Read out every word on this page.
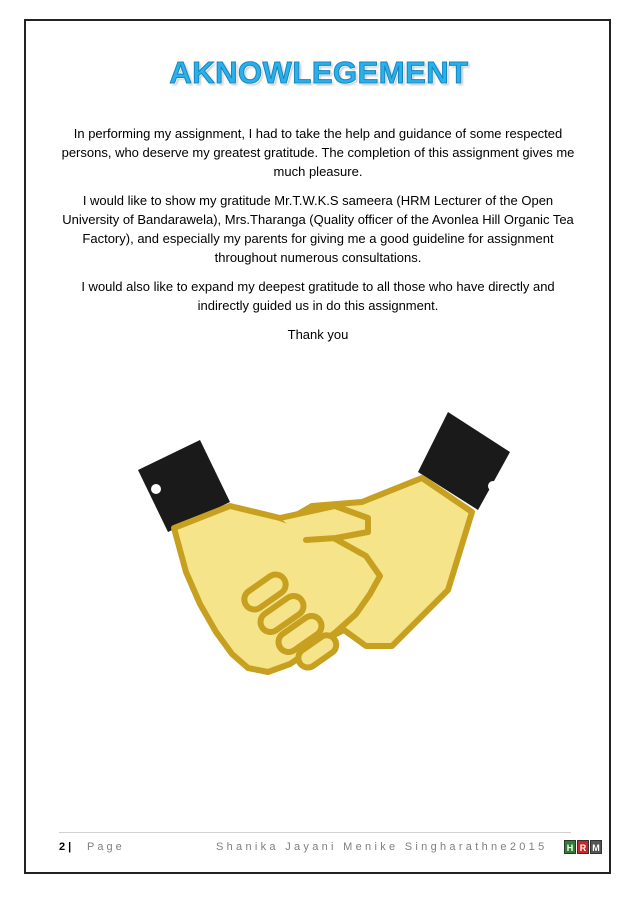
AKNOWLEGEMENT

In performing my assignment, I had to take the help and guidance of some respected persons, who deserve my greatest gratitude. The completion of this assignment gives me much pleasure.

I would like to show my gratitude Mr.T.W.K.S sameera (HRM Lecturer of the Open University of Bandarawela), Mrs.Tharanga (Quality officer of the Avonlea Hill Organic Tea Factory), and especially my parents for giving me a good guideline for assignment throughout numerous consultations.

I would also like to expand my deepest gratitude to all those who have directly and indirectly guided us in do this assignment.

Thank you

2 | Page	Shanika Jayani Menike Singharathne2015	H R M
